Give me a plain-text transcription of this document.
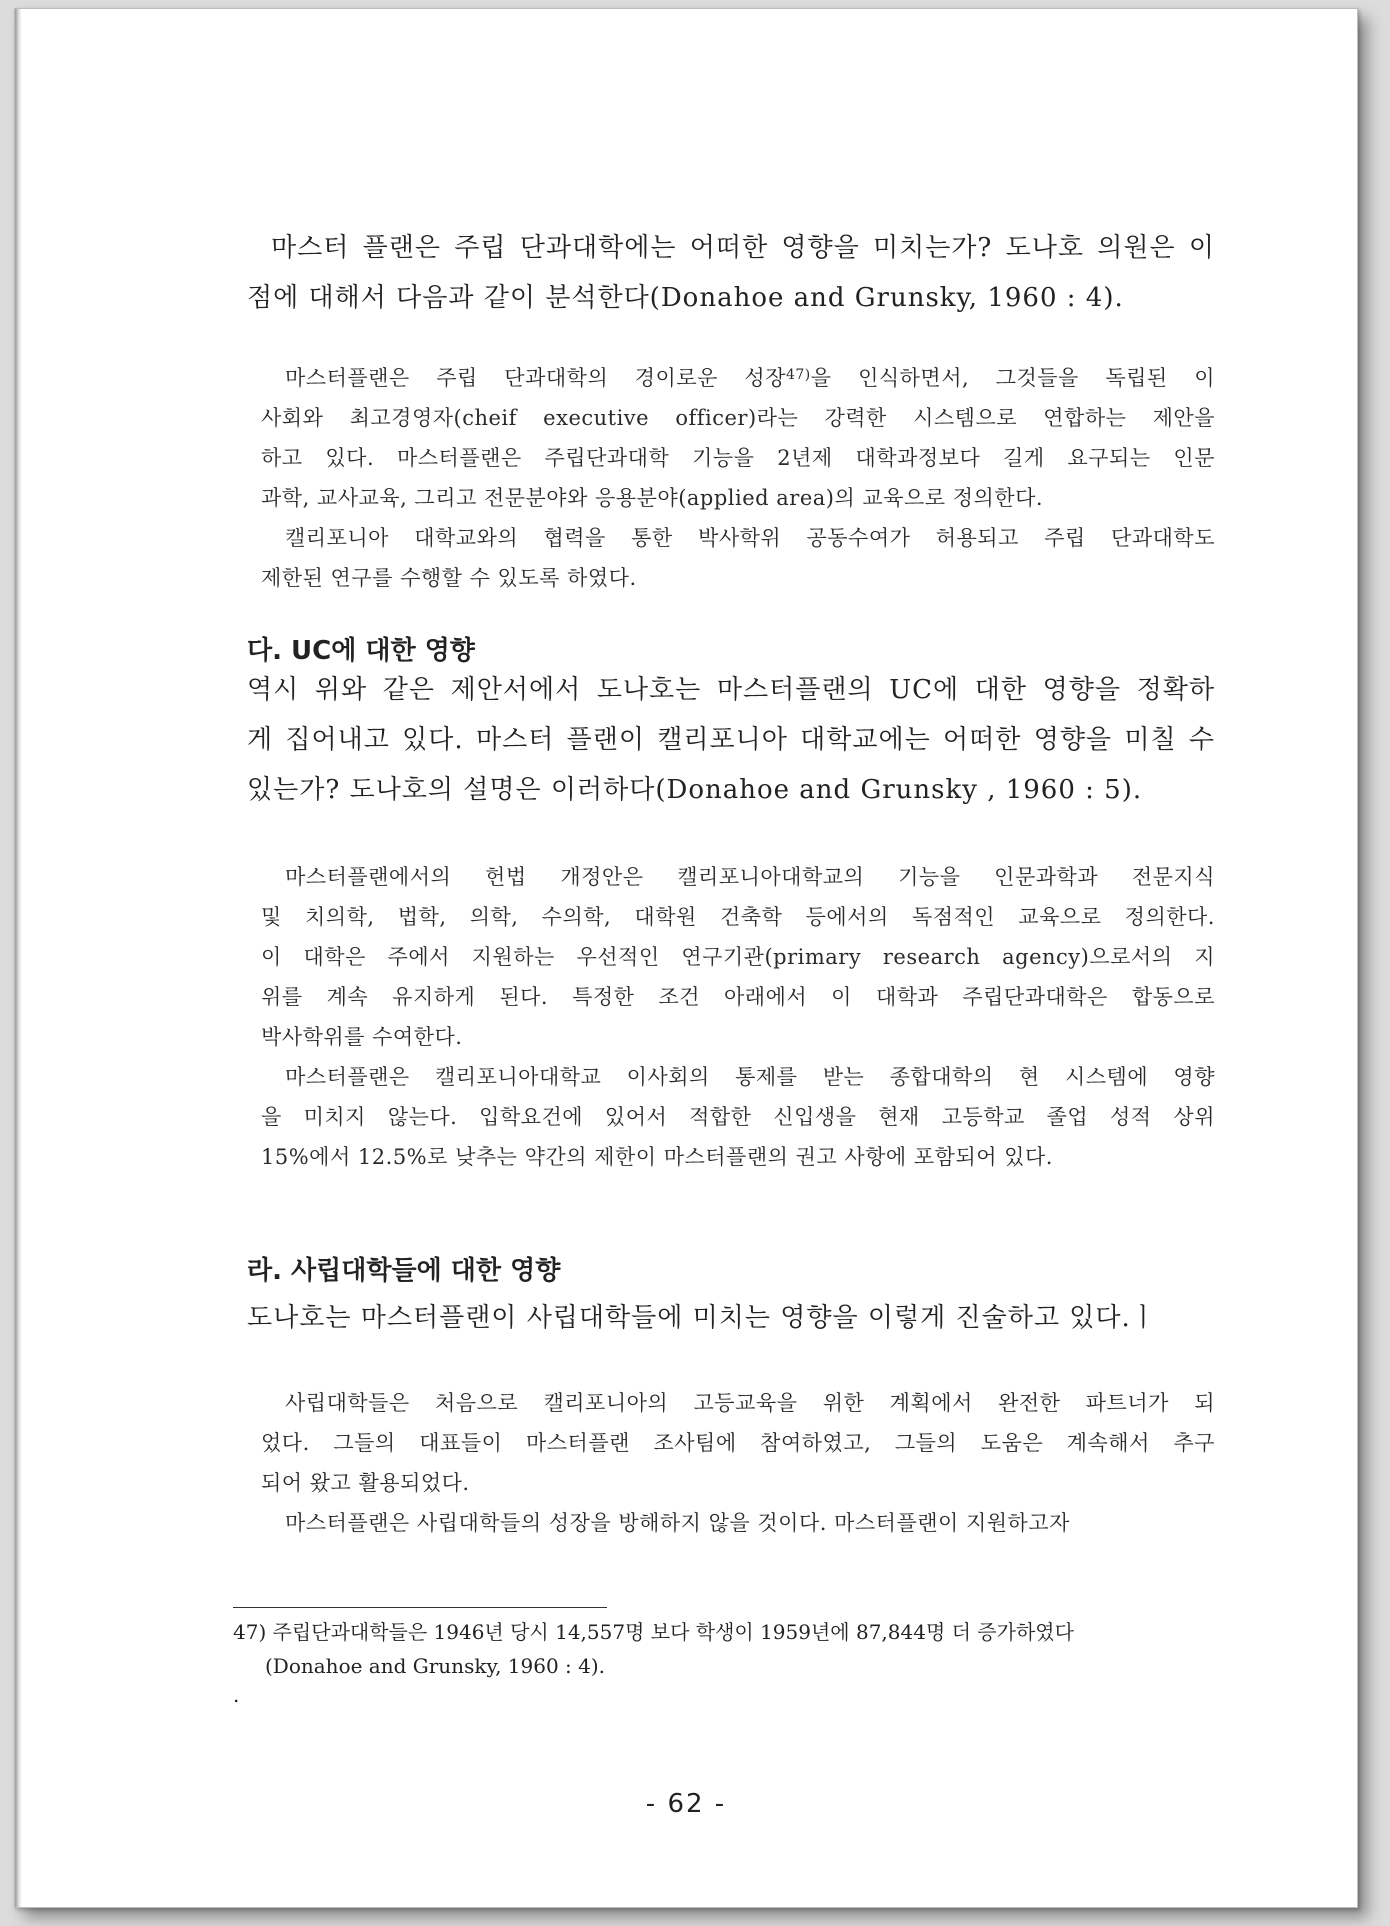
마스터 플랜은 주립 단과대학에는 어떠한 영향을 미치는가? 도나호 의원은 이
점에 대해서 다음과 같이 분석한다(Donahoe and Grunsky, 1960 : 4).
마스터플랜은 주립 단과대학의 경이로운 성장$^{47)}$을 인식하면서, 그것들을 독립된 이
사회와 최고경영자(cheif executive officer)라는 강력한 시스템으로 연합하는 제안을
하고 있다. 마스터플랜은 주립단과대학 기능을 2년제 대학과정보다 길게 요구되는 인문
과학, 교사교육, 그리고 전문분야와 응용분야(applied area)의 교육으로 정의한다.
캘리포니아 대학교와의 협력을 통한 박사학위 공동수여가 허용되고 주립 단과대학도
제한된 연구를 수행할 수 있도록 하였다.
다. UC에 대한 영향
역시 위와 같은 제안서에서 도나호는 마스터플랜의 UC에 대한 영향을 정확하
게 집어내고 있다. 마스터 플랜이 캘리포니아 대학교에는 어떠한 영향을 미칠 수
있는가? 도나호의 설명은 이러하다(Donahoe and Grunsky , 1960 : 5).
마스터플랜에서의 헌법 개정안은 캘리포니아대학교의 기능을 인문과학과 전문지식
및 치의학, 법학, 의학, 수의학, 대학원 건축학 등에서의 독점적인 교육으로 정의한다.
이 대학은 주에서 지원하는 우선적인 연구기관(primary research agency)으로서의 지
위를 계속 유지하게 된다. 특정한 조건 아래에서 이 대학과 주립단과대학은 합동으로
박사학위를 수여한다.
마스터플랜은 캘리포니아대학교 이사회의 통제를 받는 종합대학의 현 시스템에 영향
을 미치지 않는다. 입학요건에 있어서 적합한 신입생을 현재 고등학교 졸업 성적 상위
15%에서 12.5%로 낮추는 약간의 제한이 마스터플랜의 권고 사항에 포함되어 있다.
라. 사립대학들에 대한 영향
도나호는 마스터플랜이 사립대학들에 미치는 영향을 이렇게 진술하고 있다.ㅣ
사립대학들은 처음으로 캘리포니아의 고등교육을 위한 계획에서 완전한 파트너가 되
었다. 그들의 대표들이 마스터플랜 조사팀에 참여하였고, 그들의 도움은 계속해서 추구
되어 왔고 활용되었다.
마스터플랜은 사립대학들의 성장을 방해하지 않을 것이다. 마스터플랜이 지원하고자
47) 주립단과대학들은 1946년 당시 14,557명 보다 학생이 1959년에 87,844명 더 증가하였다
(Donahoe and Grunsky, 1960 : 4).
.
- 62 -
